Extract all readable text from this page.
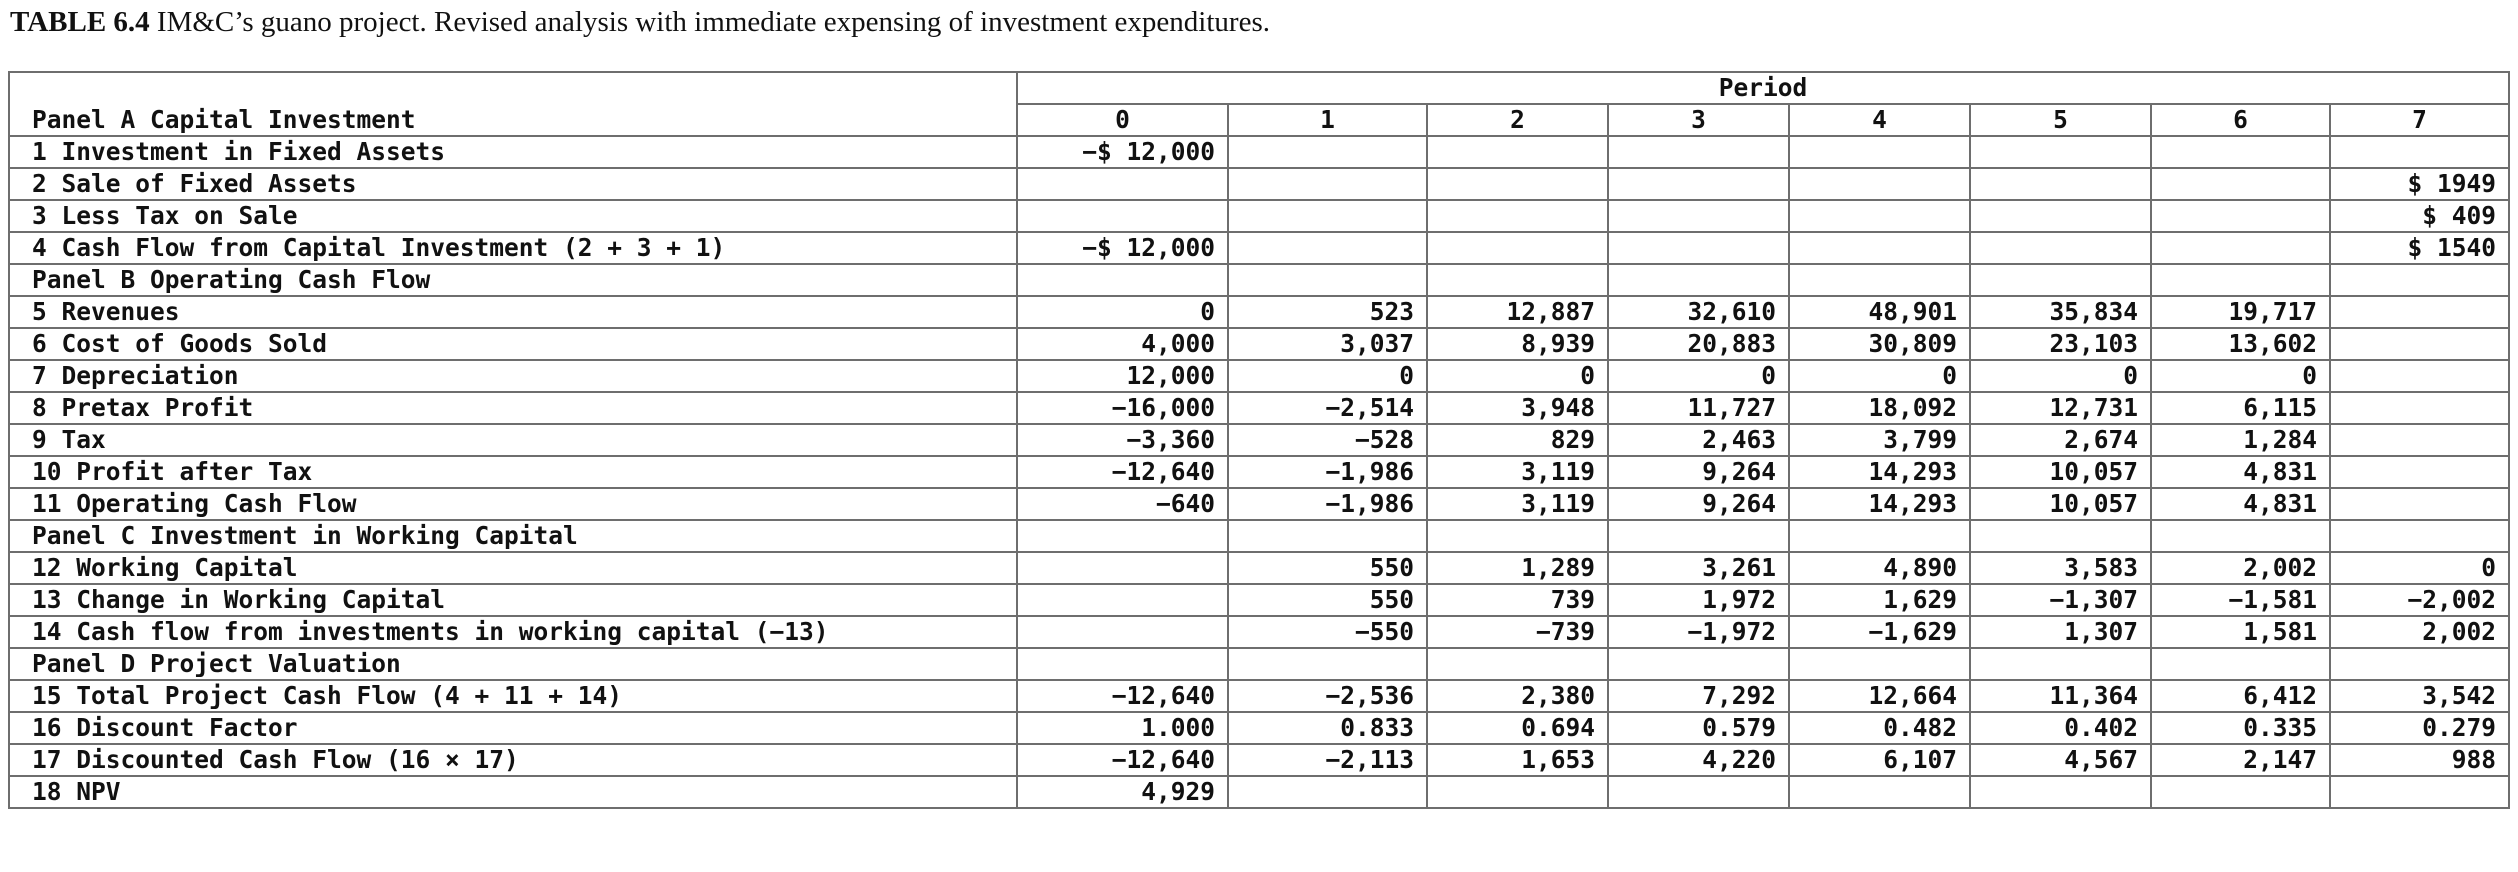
TABLE 6.4 IM&C’s guano project. Revised analysis with immediate expensing of investment expenditures.
	Period							
Panel A Capital Investment	0	1	2	3	4	5	6	7
1 Investment in Fixed Assets	−$ 12,000							
2 Sale of Fixed Assets								$ 1949
3 Less Tax on Sale								$ 409
4 Cash Flow from Capital Investment (2 + 3 + 1)	−$ 12,000							$ 1540
Panel B Operating Cash Flow								
5 Revenues	0	523	12,887	32,610	48,901	35,834	19,717	
6 Cost of Goods Sold	4,000	3,037	8,939	20,883	30,809	23,103	13,602	
7 Depreciation	12,000	0	0	0	0	0	0	
8 Pretax Profit	−16,000	−2,514	3,948	11,727	18,092	12,731	6,115	
9 Tax	−3,360	−528	829	2,463	3,799	2,674	1,284	
10 Profit after Tax	−12,640	−1,986	3,119	9,264	14,293	10,057	4,831	
11 Operating Cash Flow	−640	−1,986	3,119	9,264	14,293	10,057	4,831	
Panel C Investment in Working Capital								
12 Working Capital		550	1,289	3,261	4,890	3,583	2,002	0
13 Change in Working Capital		550	739	1,972	1,629	−1,307	−1,581	−2,002
14 Cash flow from investments in working capital (−13)		−550	−739	−1,972	−1,629	1,307	1,581	2,002
Panel D Project Valuation								
15 Total Project Cash Flow (4 + 11 + 14)	−12,640	−2,536	2,380	7,292	12,664	11,364	6,412	3,542
16 Discount Factor	1.000	0.833	0.694	0.579	0.482	0.402	0.335	0.279
17 Discounted Cash Flow (16 × 17)	−12,640	−2,113	1,653	4,220	6,107	4,567	2,147	988
18 NPV	4,929							
